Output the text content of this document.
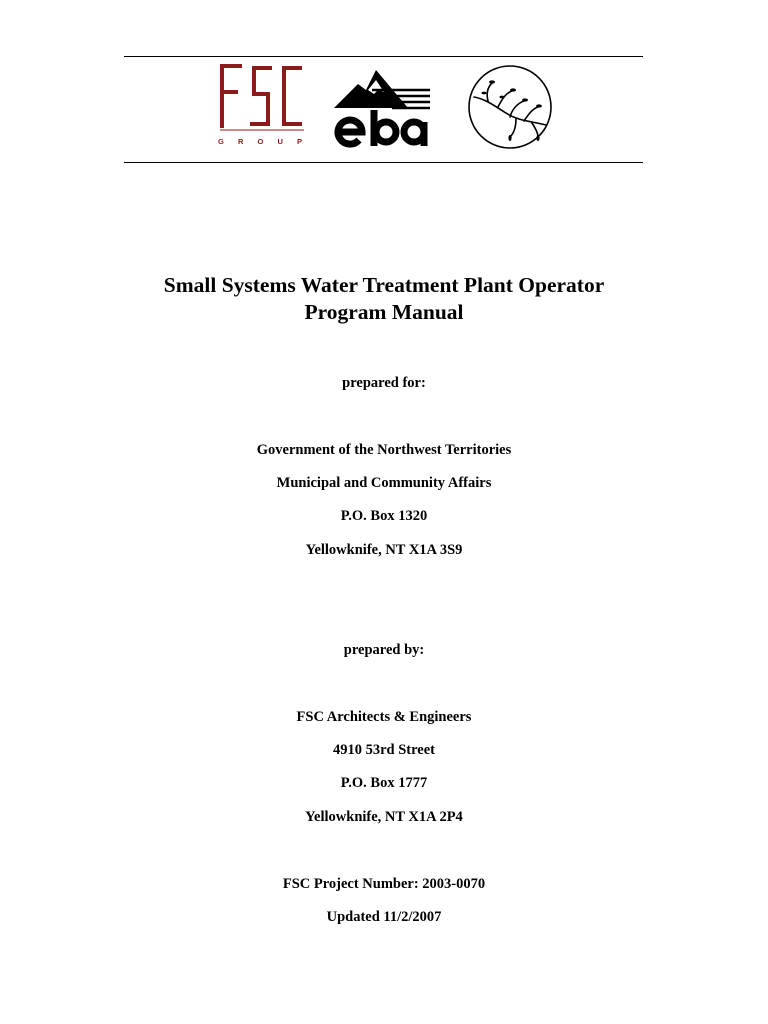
G R O U P
Small Systems Water Treatment Plant Operator
Program Manual
prepared for:
Government of the Northwest Territories
Municipal and Community Affairs
P.O. Box 1320
Yellowknife, NT X1A 3S9
prepared by:
FSC Architects & Engineers
4910 53rd Street
P.O. Box 1777
Yellowknife, NT X1A 2P4
FSC Project Number: 2003-0070
Updated 11/2/2007
